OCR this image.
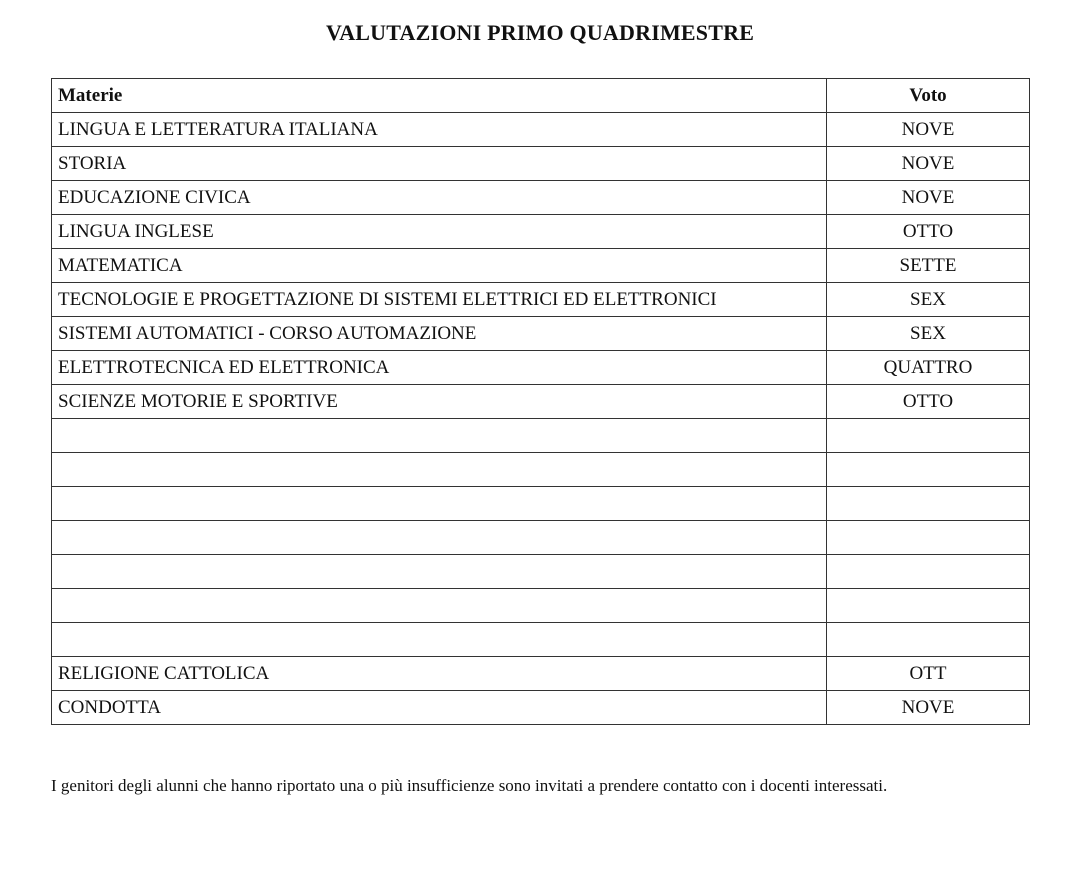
VALUTAZIONI PRIMO QUADRIMESTRE
Materie	Voto
LINGUA E LETTERATURA ITALIANA	NOVE
STORIA	NOVE
EDUCAZIONE CIVICA	NOVE
LINGUA INGLESE	OTTO
MATEMATICA	SETTE
TECNOLOGIE E PROGETTAZIONE DI SISTEMI ELETTRICI ED ELETTRONICI	SEX
SISTEMI AUTOMATICI - CORSO AUTOMAZIONE	SEX
ELETTROTECNICA ED ELETTRONICA	QUATTRO
SCIENZE MOTORIE E SPORTIVE	OTTO

RELIGIONE CATTOLICA	OTT
CONDOTTA	NOVE
I genitori degli alunni che hanno riportato una o più insufficienze sono invitati a prendere contatto con i docenti interessati.
